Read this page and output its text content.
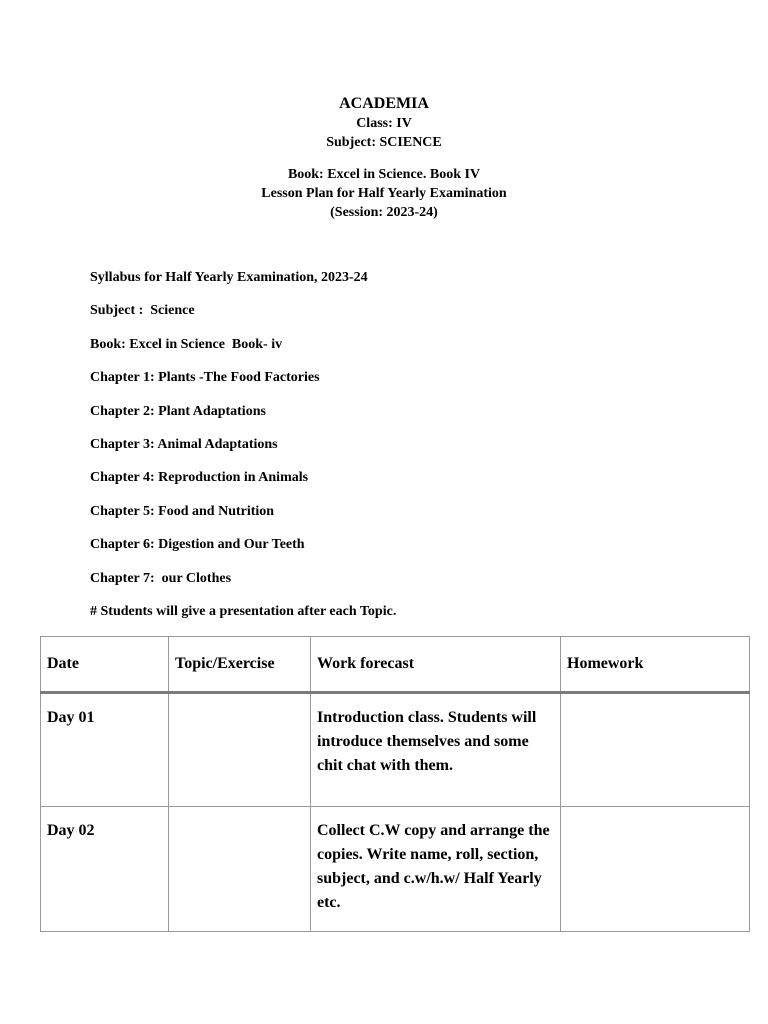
ACADEMIA
Class: IV
Subject: SCIENCE
Book: Excel in Science. Book IV
Lesson Plan for Half Yearly Examination
(Session: 2023-24)
Syllabus for Half Yearly Examination, 2023-24
Subject :  Science
Book: Excel in Science  Book- iv
Chapter 1: Plants -The Food Factories
Chapter 2: Plant Adaptations
Chapter 3: Animal Adaptations
Chapter 4: Reproduction in Animals
Chapter 5: Food and Nutrition
Chapter 6: Digestion and Our Teeth
Chapter 7:  our Clothes
# Students will give a presentation after each Topic.
Date	Topic/Exercise	Work forecast	Homework
Day 01		Introduction class. Students will introduce themselves and some chit chat with them.	
Day 02		Collect C.W copy and arrange the copies. Write name, roll, section, subject, and c.w/h.w/ Half Yearly etc.	
